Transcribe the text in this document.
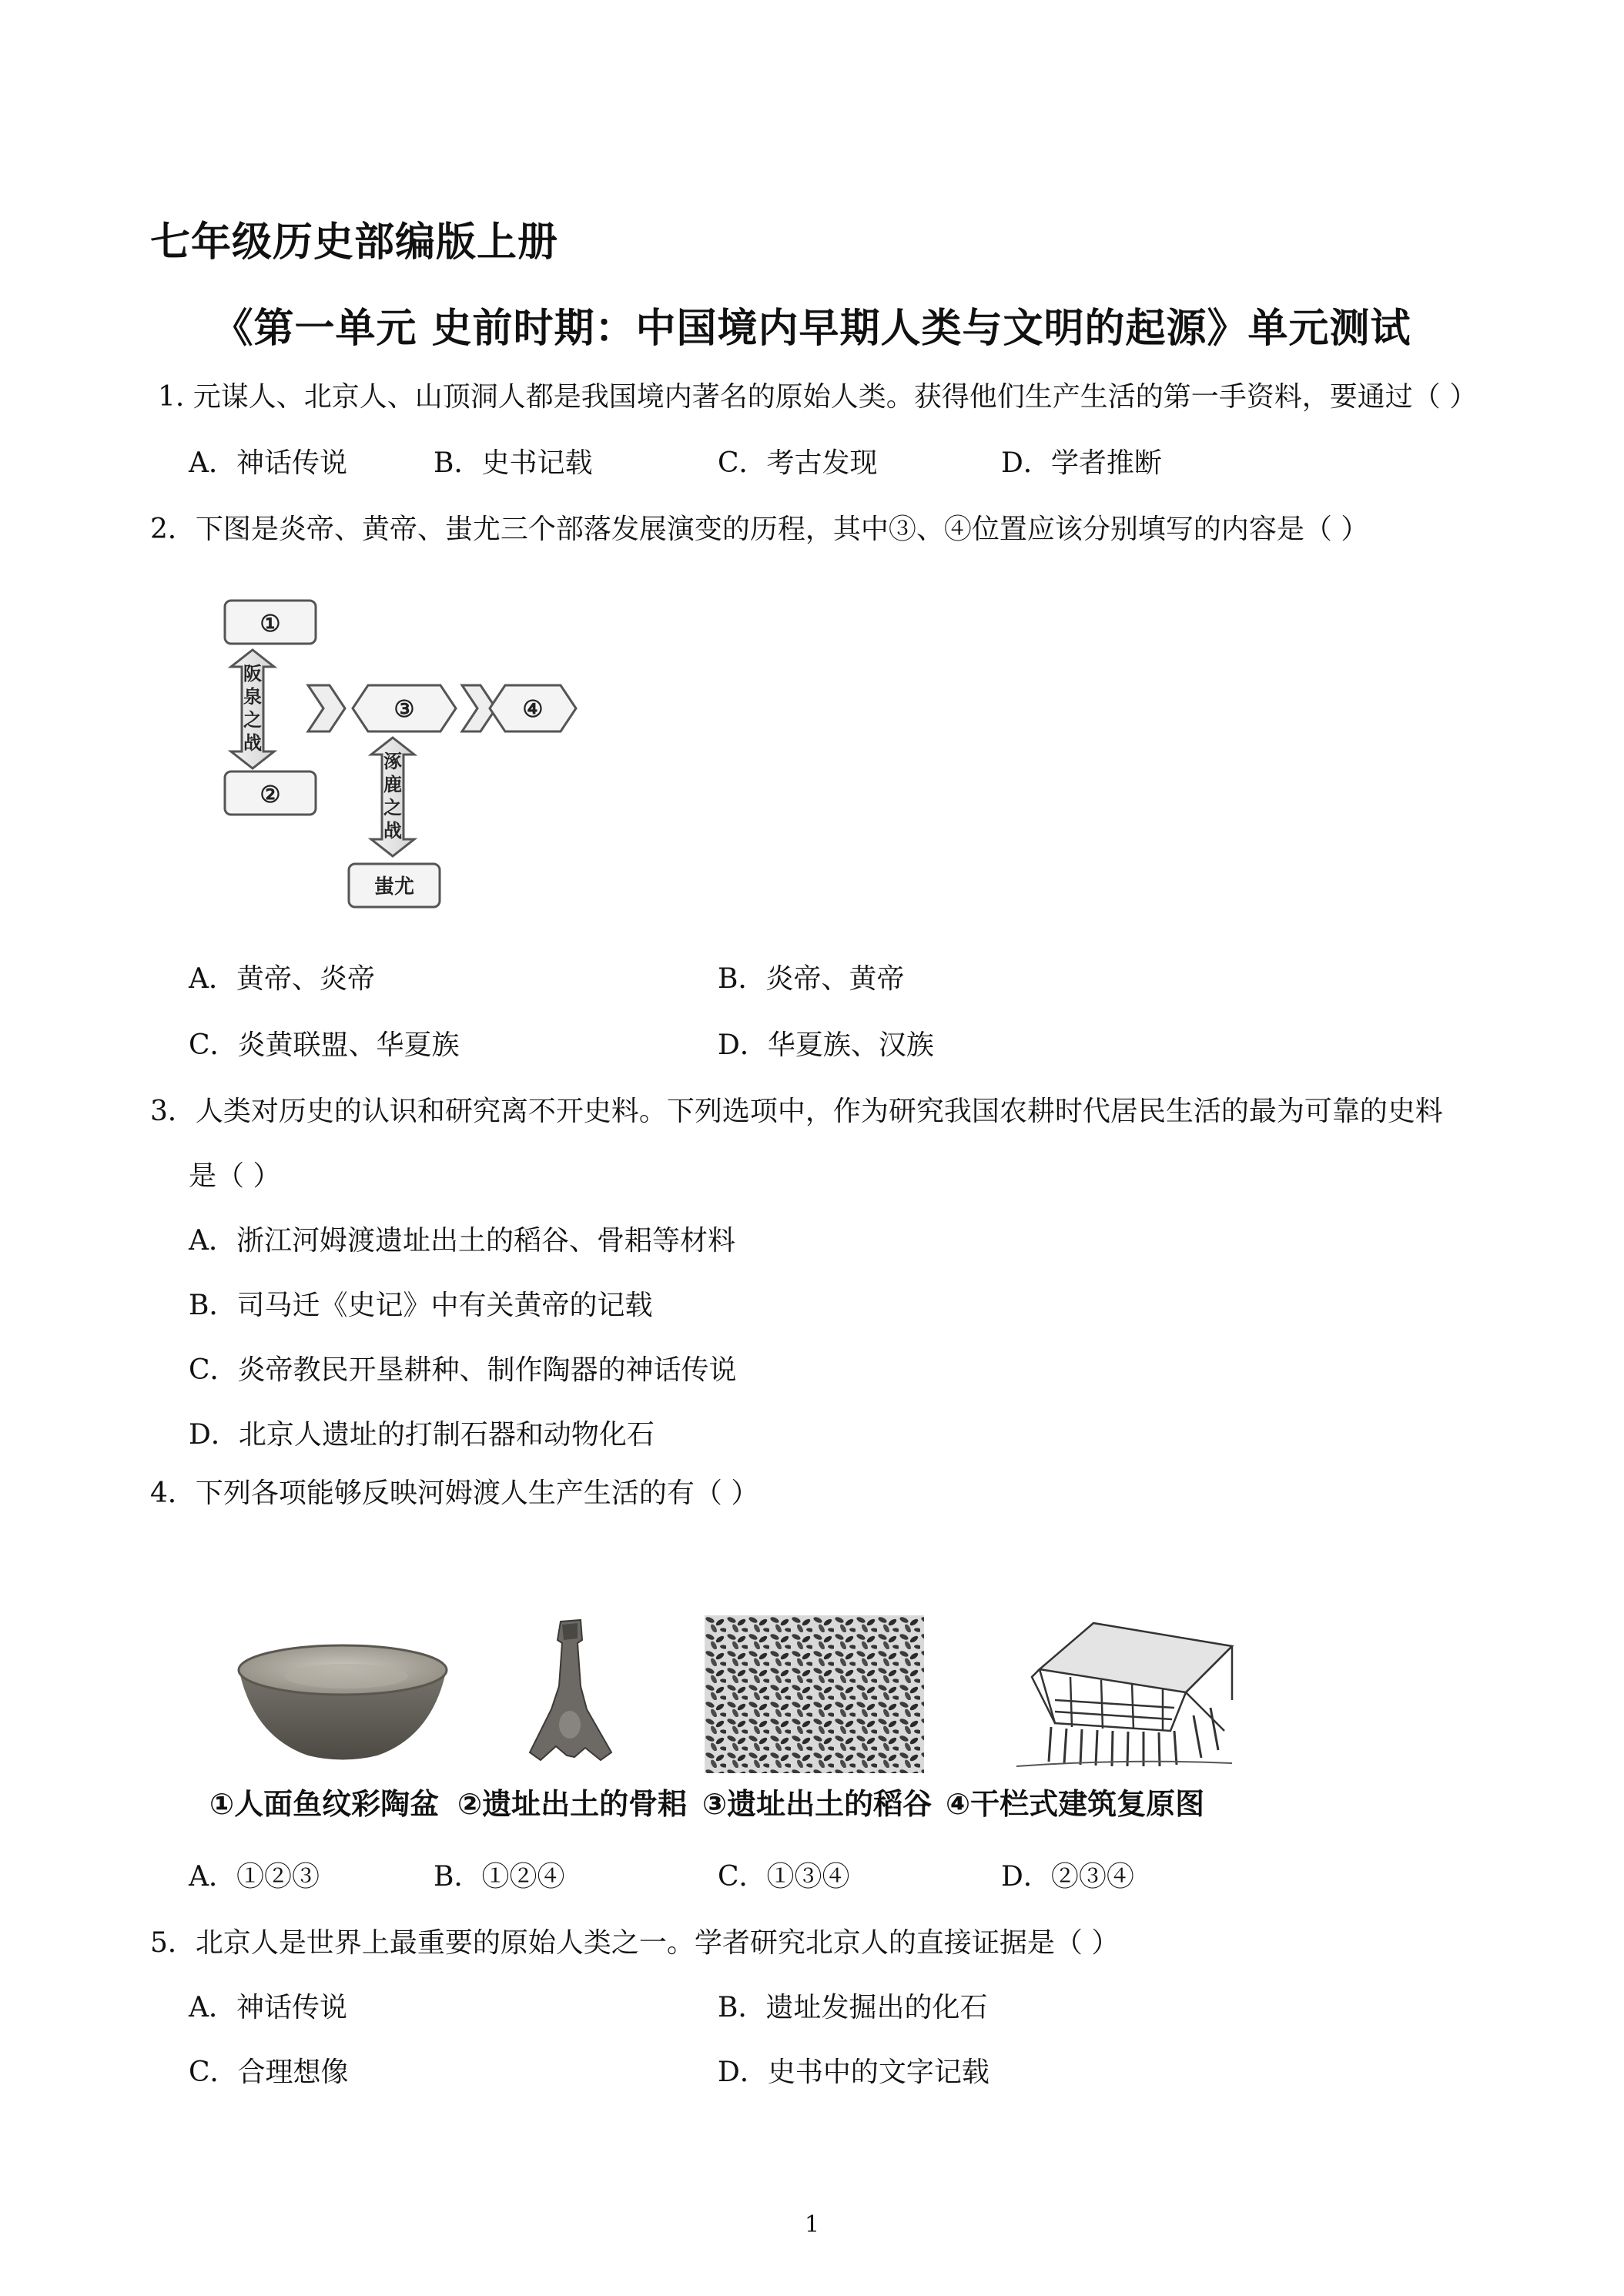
七年级历史部编版上册
《第一单元 史前时期：中国境内早期人类与文明的起源》单元测试
1. 元谋人、北京人、山顶洞人都是我国境内著名的原始人类。获得他们生产生活的第一手资料，要通过（ ）
A．神话传说	B．史书记载	C．考古发现	D．学者推断
2．下图是炎帝、黄帝、蚩尤三个部落发展演变的历程，其中③、④位置应该分别填写的内容是（ ）
①
阪
泉
之
战
②
③	④
涿
鹿
之
战
蚩尤
A．黄帝、炎帝	B．炎帝、黄帝
C．炎黄联盟、华夏族	D．华夏族、汉族
3．人类对历史的认识和研究离不开史料。下列选项中，作为研究我国农耕时代居民生活的最为可靠的史料
是（ ）
A．浙江河姆渡遗址出土的稻谷、骨耜等材料
B．司马迁《史记》中有关黄帝的记载
C．炎帝教民开垦耕种、制作陶器的神话传说
D．北京人遗址的打制石器和动物化石
4．下列各项能够反映河姆渡人生产生活的有（ ）
①人面鱼纹彩陶盆 ②遗址出土的骨耜 ③遗址出土的稻谷 ④干栏式建筑复原图
A．①②③	B．①②④	C．①③④	D．②③④
5．北京人是世界上最重要的原始人类之一。学者研究北京人的直接证据是（ ）
A．神话传说	B．遗址发掘出的化石
C．合理想像	D．史书中的文字记载
1
